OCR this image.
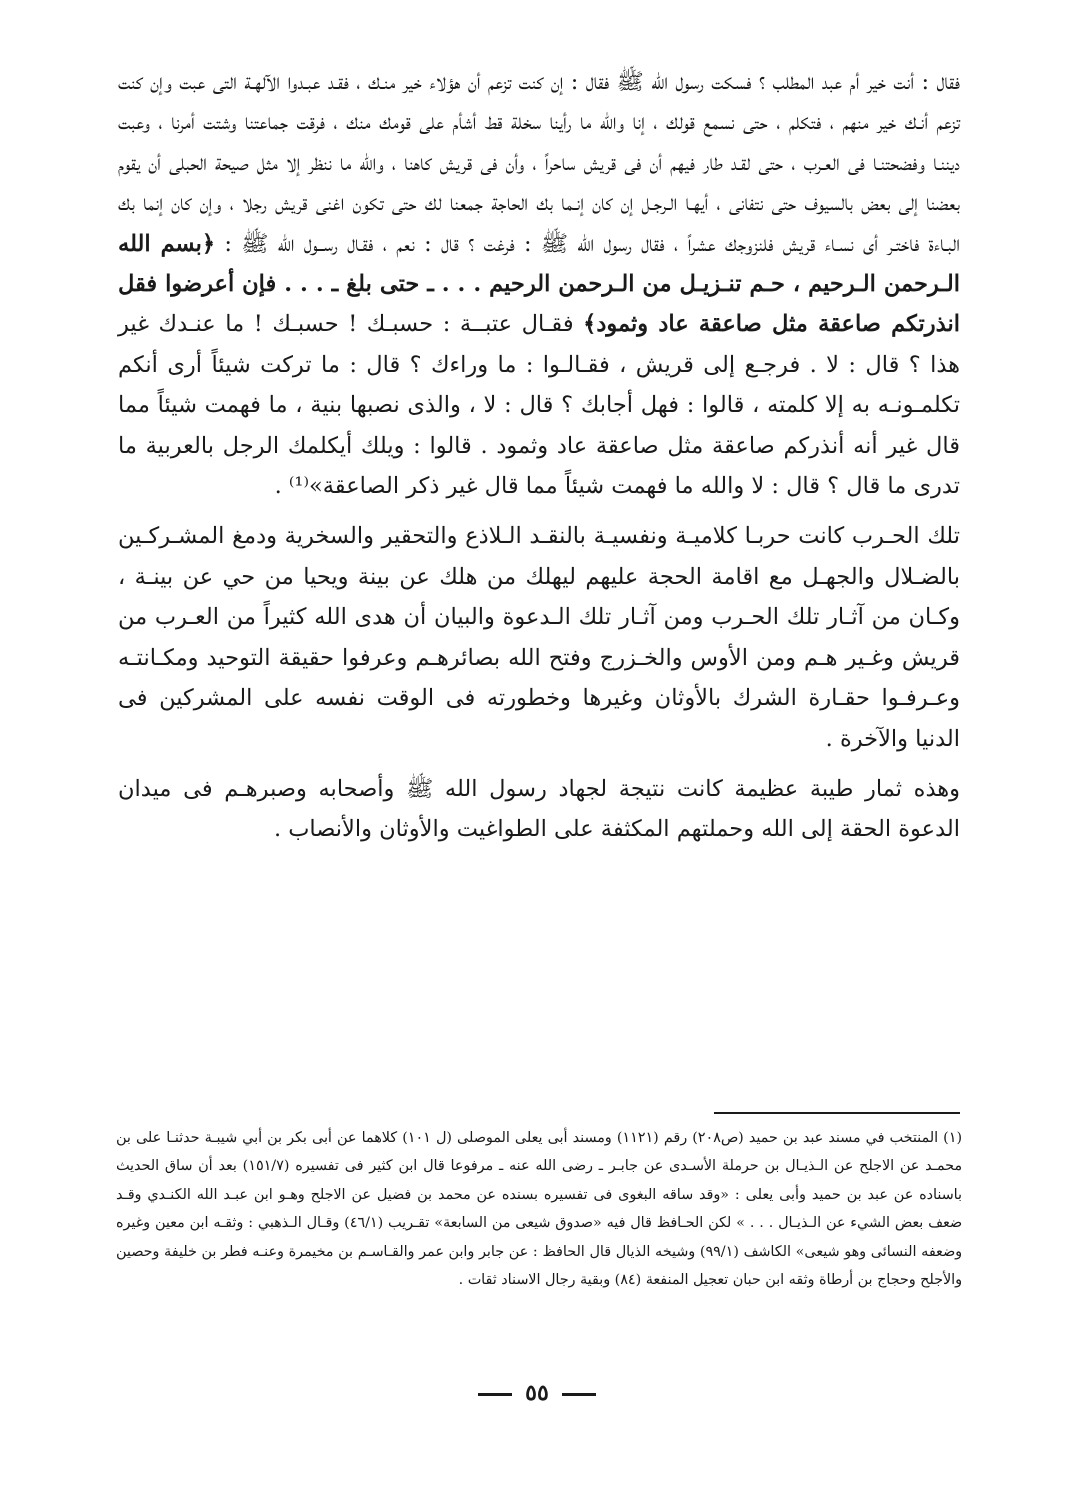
فقال : أنت خير أم عبد المطلب ؟ فسكت رسول الله ﷺ فقال : إن كنت تزعم أن هؤلاء خير منـك ، فقـد عبـدوا الآلهـة التى عبت وإن كنت تزعم أنـك خير منهم ، فتكلم ، حتى نسمع قولك ، إنا والله ما رأينا سخلة قط أشأم على قومك منك ، فرقت جماعتنا وشتت أمرنا ، وعبت ديننـا وفضحتنـا فى العـرب ، حتى لقـد طار فيهم أن فى قريش ساحراً ، وأن فى قريش كاهنا ، والله ما ننظر إلا مثل صيحة الحبلى أن يقوم بعضنا إلى بعض بالسيوف حتى نتفانى ، أيهـا الـرجـل إن كان إنـما بك الحاجة جمعنا لك حتى تكون اغنى قريش رجلا ، وإن كان إنما بك البـاءة فاختـر أى نسـاء قريش فلنزوجك عشراً ، فقال رسول الله ﷺ : فرغت ؟ قال : نعم ، فقـال رســول الله ﷺ : ﴿بسم الله الـرحمن الـرحيم ، حـم تنـزيـل من الـرحمن الرحيم . . . ـ حتى بلغ ـ . . . فإن أعرضوا فقل انذرتكم صاعقة مثل صاعقة عاد وثمود﴾ فقـال عتبــة : حسبـك ! حسبـك ! ما عنـدك غير هذا ؟ قال : لا . فرجـع إلى قريش ، فقـالـوا : ما وراءك ؟ قال : ما تركت شيئاً أرى أنكم تكلمـونـه به إلا كلمته ، قالوا : فهل أجابك ؟ قال : لا ، والذى نصبها بنية ، ما فهمت شيئاً مما قال غير أنه أنذركم صاعقة مثل صاعقة عاد وثمود . قالوا : ويلك أيكلمك الرجل بالعربية ما تدرى ما قال ؟ قال : لا والله ما فهمت شيئاً مما قال غير ذكر الصاعقة»⁽¹⁾ .

تلك الحـرب كانت حربـا كلاميـة ونفسيـة بالنقـد الـلاذع والتحقير والسخرية ودمغ المشـركـين بالضـلال والجهـل مع اقامة الحجة عليهم ليهلك من هلك عن بينة ويحيا من حي عن بينـة ، وكـان من آثـار تلك الحـرب ومن آثـار تلك الـدعوة والبيان أن هدى الله كثيراً من العـرب من قريش وغـير هـم ومن الأوس والخـزرج وفتح الله بصائرهـم وعرفوا حقيقة التوحيد ومكـانتـه وعـرفـوا حقـارة الشرك بالأوثان وغيرها وخطورته فى الوقت نفسه على المشركين فى الدنيا والآخرة .

وهذه ثمار طيبة عظيمة كانت نتيجة لجهاد رسول الله ﷺ وأصحابه وصبرهـم فى ميدان الدعوة الحقة إلى الله وحملتهم المكثفة على الطواغيت والأوثان والأنصاب .

(١) المنتخب في مسند عبد بن حميد (ص٢٠٨) رقم (١١٢١) ومسند أبى يعلى الموصلى (ل ١٠١) كلاهما عن أبى بكر بن أبي شيبـة حدثنـا على بن محمـد عن الاجلح عن الـذيـال بن حرملة الأسـدى عن جابـر ـ رضى الله عنه ـ مرفوعا قال ابن كثير فى تفسيره (١٥١/٧) بعد أن ساق الحديث باسناده عن عبد بن حميد وأبى يعلى : «وقد ساقه البغوى فى تفسيره بسنده عن محمد بن فضيل عن الاجلح وهـو ابن عبـد الله الكنـدي وقـد ضعف بعض الشيء عن الـذيـال . . . » لكن الحـافظ قال فيه «صدوق شيعى من السابعة» تقـريب (٤٦/١) وقـال الـذهبي : وثقـه ابن معين وغيره وضعفه النسائى وهو شيعى» الكاشف (٩٩/١) وشيخه الذيال قال الحافظ : عن جابر وابن عمر والقـاسـم بن مخيمرة وعنـه فطر بن خليفة وحصين والأجلح وحجاج بن أرطاة وثقه ابن حبان تعجيل المنفعة (٨٤) وبقية رجال الاسناد ثقات .

٥٥
